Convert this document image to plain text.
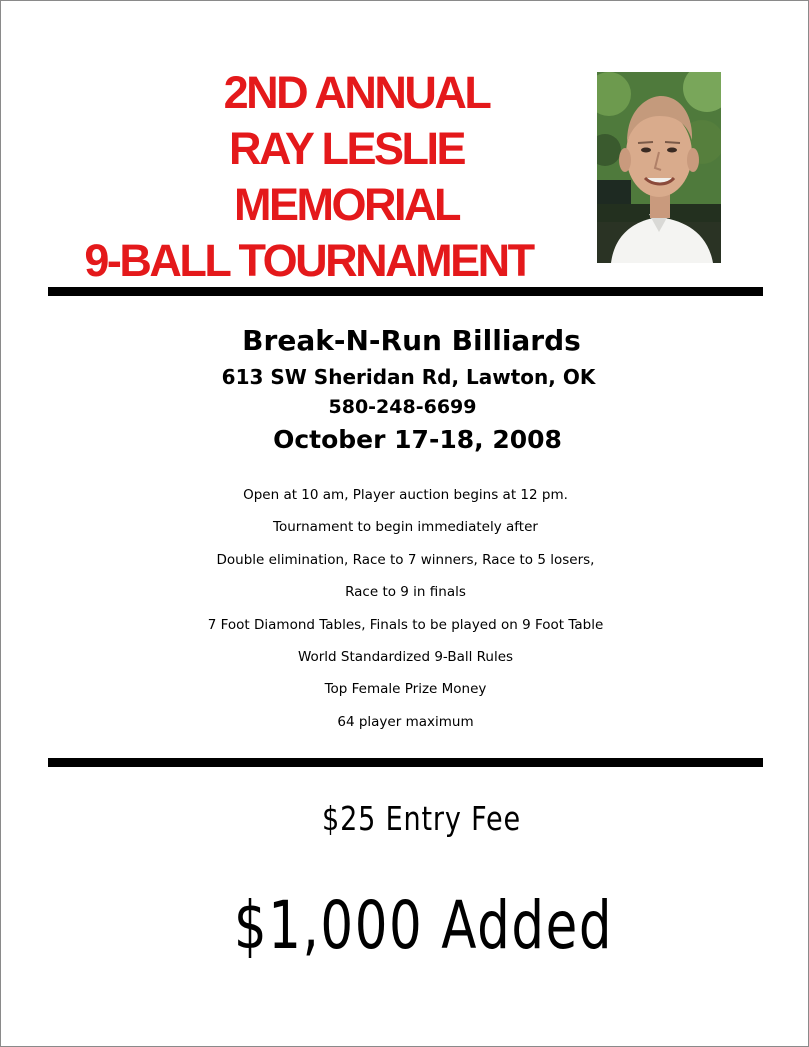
2ND ANNUAL
RAY LESLIE
MEMORIAL
9-BALL TOURNAMENT
Break-N-Run Billiards
613 SW Sheridan Rd, Lawton, OK
580-248-6699
October 17-18, 2008
Open at 10 am, Player auction begins at 12 pm.
Tournament to begin immediately after
Double elimination, Race to 7 winners, Race to 5 losers,
Race to 9 in finals
7 Foot Diamond Tables, Finals to be played on 9 Foot Table
World Standardized 9-Ball Rules
Top Female Prize Money
64 player maximum
$25 Entry Fee
$1,000 Added
